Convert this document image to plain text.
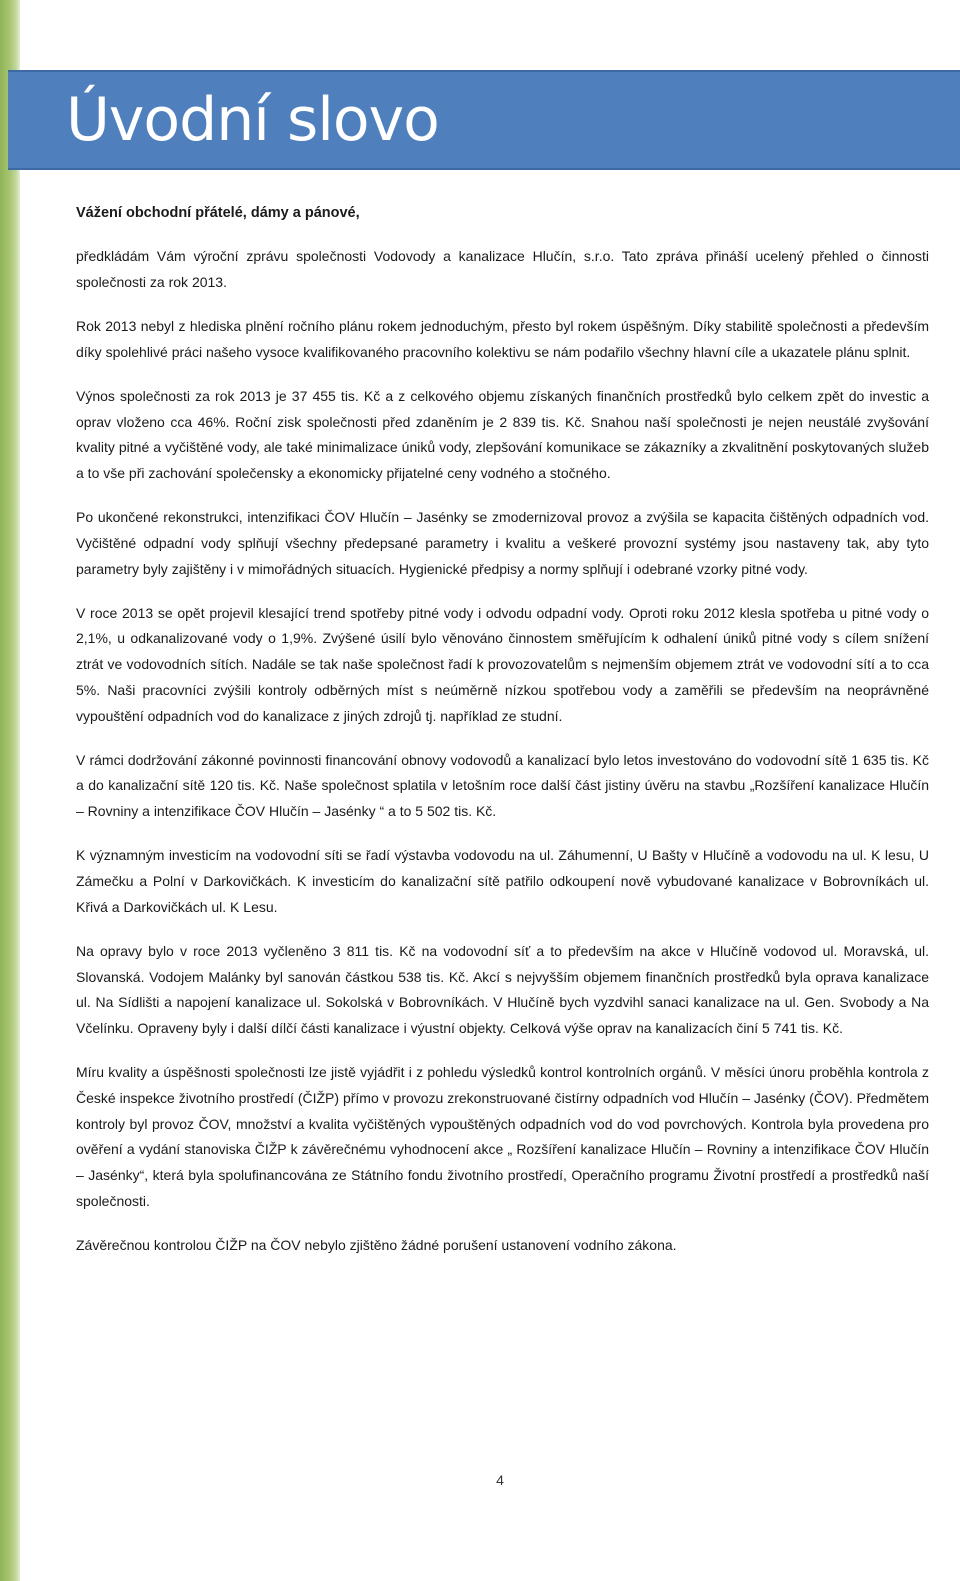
Úvodní slovo

Vážení obchodní přátelé, dámy a pánové,

předkládám Vám výroční zprávu společnosti Vodovody a kanalizace Hlučín, s.r.o. Tato zpráva přináší ucelený přehled o činnosti společnosti za rok 2013.

Rok 2013 nebyl z hlediska plnění ročního plánu rokem jednoduchým, přesto byl rokem úspěšným. Díky stabilitě společnosti a především díky spolehlivé práci našeho vysoce kvalifikovaného pracovního kolektivu se nám podařilo všechny hlavní cíle a ukazatele plánu splnit.

Výnos společnosti za rok 2013 je 37 455 tis. Kč a z celkového objemu získaných finančních prostředků bylo celkem zpět do investic a oprav vloženo cca 46%. Roční zisk společnosti před zdaněním je 2 839 tis. Kč. Snahou naší společnosti je nejen neustálé zvyšování kvality pitné a vyčištěné vody, ale také minimalizace úniků vody, zlepšování komunikace se zákazníky a zkvalitnění poskytovaných služeb a to vše při zachování společensky a ekonomicky přijatelné ceny vodného a stočného.

Po ukončené rekonstrukci, intenzifikaci ČOV Hlučín – Jasénky se zmodernizoval provoz a zvýšila se kapacita čištěných odpadních vod. Vyčištěné odpadní vody splňují všechny předepsané parametry i kvalitu a veškeré provozní systémy jsou nastaveny tak, aby tyto parametry byly zajištěny i v mimořádných situacích. Hygienické předpisy a normy splňují i odebrané vzorky pitné vody.

V roce 2013 se opět projevil klesající trend spotřeby pitné vody i odvodu odpadní vody. Oproti roku 2012 klesla spotřeba u pitné vody o 2,1%, u odkanalizované vody o 1,9%. Zvýšené úsilí bylo věnováno činnostem směřujícím k odhalení úniků pitné vody s cílem snížení ztrát ve vodovodních sítích. Nadále se tak naše společnost řadí k provozovatelům s nejmenším objemem ztrát ve vodovodní sítí a to cca 5%. Naši pracovníci zvýšili kontroly odběrných míst s neúměrně nízkou spotřebou vody a zaměřili se především na neoprávněné vypouštění odpadních vod do kanalizace z jiných zdrojů tj. například ze studní.

V rámci dodržování zákonné povinnosti financování obnovy vodovodů a kanalizací bylo letos investováno do vodovodní sítě 1 635 tis. Kč a do kanalizační sítě 120 tis. Kč. Naše společnost splatila v letošním roce další část jistiny úvěru na stavbu „Rozšíření kanalizace Hlučín – Rovniny a intenzifikace ČOV Hlučín – Jasénky “ a to 5 502 tis. Kč.

K významným investicím na vodovodní síti se řadí výstavba vodovodu na ul. Záhumenní, U Bašty v Hlučíně a vodovodu na ul. K lesu, U Zámečku a Polní v Darkovičkách. K investicím do kanalizační sítě patřilo odkoupení nově vybudované kanalizace v Bobrovníkách ul. Křivá a Darkovičkách ul. K Lesu.

Na opravy bylo v roce 2013 vyčleněno 3 811 tis. Kč na vodovodní síť a to především na akce v Hlučíně vodovod ul. Moravská, ul. Slovanská. Vodojem Malánky byl sanován částkou 538 tis. Kč. Akcí s nejvyšším objemem finančních prostředků byla oprava kanalizace ul. Na Sídlišti a napojení kanalizace ul. Sokolská v Bobrovníkách. V Hlučíně bych vyzdvihl sanaci kanalizace na ul. Gen. Svobody a Na Včelínku. Opraveny byly i další dílčí části kanalizace i výustní objekty. Celková výše oprav na kanalizacích činí 5 741 tis. Kč.

Míru kvality a úspěšnosti společnosti lze jistě vyjádřit i z pohledu výsledků kontrol kontrolních orgánů. V měsíci únoru proběhla kontrola z České inspekce životního prostředí (ČIŽP) přímo v provozu zrekonstruované čistírny odpadních vod Hlučín – Jasénky (ČOV). Předmětem kontroly byl provoz ČOV, množství a kvalita vyčištěných vypouštěných odpadních vod do vod povrchových. Kontrola byla provedena pro ověření a vydání stanoviska ČIŽP k závěrečnému vyhodnocení akce „ Rozšíření kanalizace Hlučín – Rovniny a intenzifikace ČOV Hlučín – Jasénky“, která byla spolufinancována ze Státního fondu životního prostředí, Operačního programu Životní prostředí a prostředků naší společnosti.

Závěrečnou kontrolou ČIŽP na ČOV nebylo zjištěno žádné porušení ustanovení vodního zákona.

4
